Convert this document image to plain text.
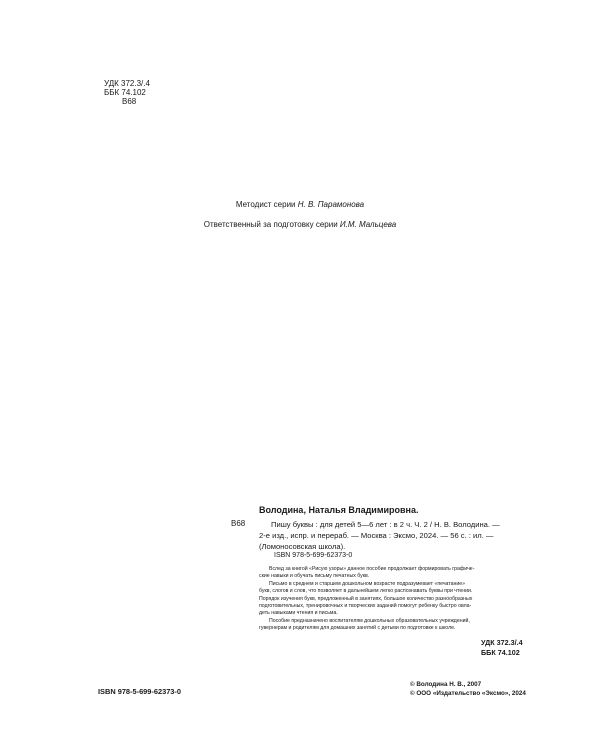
УДК 372.3/.4
ББК 74.102
В68
Методист серии Н. В. Парамонова
Ответственный за подготовку серии И.М. Мальцева
В68
Володина, Наталья Владимировна.
Пишу буквы : для детей 5—6 лет : в 2 ч. Ч. 2 / Н. В. Володина. —
2-е изд., испр. и перераб. — Москва : Эксмо, 2024. — 56 с. : ил. —
(Ломоносовская школа).
ISBN 978-5-699-62373-0
Вслед за книгой «Рисую узоры» данное пособие продолжает формировать графиче-
ские навыки и обучать письму печатных букв.
Письмо в среднем и старшем дошкольном возрасте подразумевает «печатание»
букв, слогов и слов, что позволяет в дальнейшем легко распознавать буквы при чтении.
Порядок изучения букв, предложенный в занятиях, большое количество разнообразных
подготовительных, тренировочных и творческих заданий помогут ребенку быстро овла-
деть навыками чтения и письма.
Пособие предназначено воспитателям дошкольных образовательных учреждений,
гувернерам и родителям для домашних занятий с детьми по подготовке к школе.
УДК 372.3/.4
ББК 74.102
ISBN 978-5-699-62373-0
© Володина Н. В., 2007
© ООО «Издательство «Эксмо», 2024
